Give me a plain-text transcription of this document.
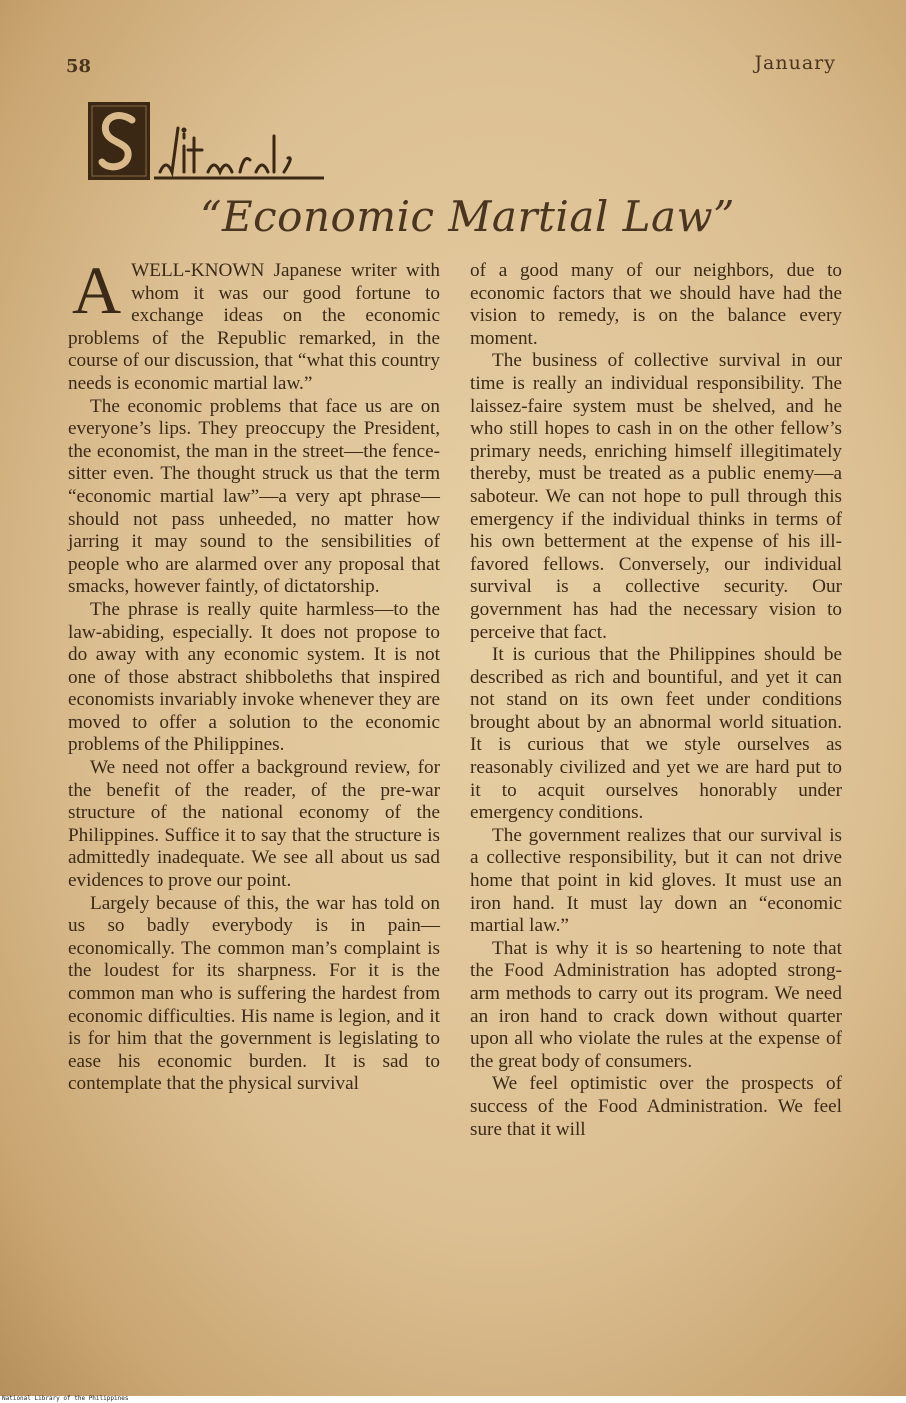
58	January
“Economic Martial Law”
A WELL-KNOWN Japanese writer with whom it was our good fortune to exchange ideas on the economic problems of the Republic remarked, in the course of our discussion, that “what this country needs is economic martial law.”

The economic problems that face us are on everyone’s lips. They preoccupy the President, the economist, the man in the street—the fence-sitter even. The thought struck us that the term “economic martial law”—a very apt phrase—should not pass unheeded, no matter how jarring it may sound to the sensibilities of people who are alarmed over any proposal that smacks, however faintly, of dictatorship.

The phrase is really quite harmless—to the law-abiding, especially. It does not propose to do away with any economic system. It is not one of those abstract shibboleths that inspired economists invariably invoke whenever they are moved to offer a solution to the economic problems of the Philippines.

We need not offer a background review, for the benefit of the reader, of the pre-war structure of the national economy of the Philippines. Suffice it to say that the structure is admittedly inadequate. We see all about us sad evidences to prove our point.

Largely because of this, the war has told on us so badly everybody is in pain—economically. The common man’s complaint is the loudest for its sharpness. For it is the common man who is suffering the hardest from economic difficulties. His name is legion, and it is for him that the government is legislating to ease his economic burden. It is sad to contemplate that the physical survival

of a good many of our neighbors, due to economic factors that we should have had the vision to remedy, is on the balance every moment.

The business of collective survival in our time is really an individual responsibility. The laissez-faire system must be shelved, and he who still hopes to cash in on the other fellow’s primary needs, enriching himself illegitimately thereby, must be treated as a public enemy—a saboteur. We can not hope to pull through this emergency if the individual thinks in terms of his own betterment at the expense of his ill-favored fellows. Conversely, our individual survival is a collective security. Our government has had the necessary vision to perceive that fact.

It is curious that the Philippines should be described as rich and bountiful, and yet it can not stand on its own feet under conditions brought about by an abnormal world situation. It is curious that we style ourselves as reasonably civilized and yet we are hard put to it to acquit ourselves honorably under emergency conditions.

The government realizes that our survival is a collective responsibility, but it can not drive home that point in kid gloves. It must use an iron hand. It must lay down an “economic martial law.”

That is why it is so heartening to note that the Food Administration has adopted strong-arm methods to carry out its program. We need an iron hand to crack down without quarter upon all who violate the rules at the expense of the great body of consumers.

We feel optimistic over the prospects of success of the Food Administration. We feel sure that it will

National Library of the Philippines
